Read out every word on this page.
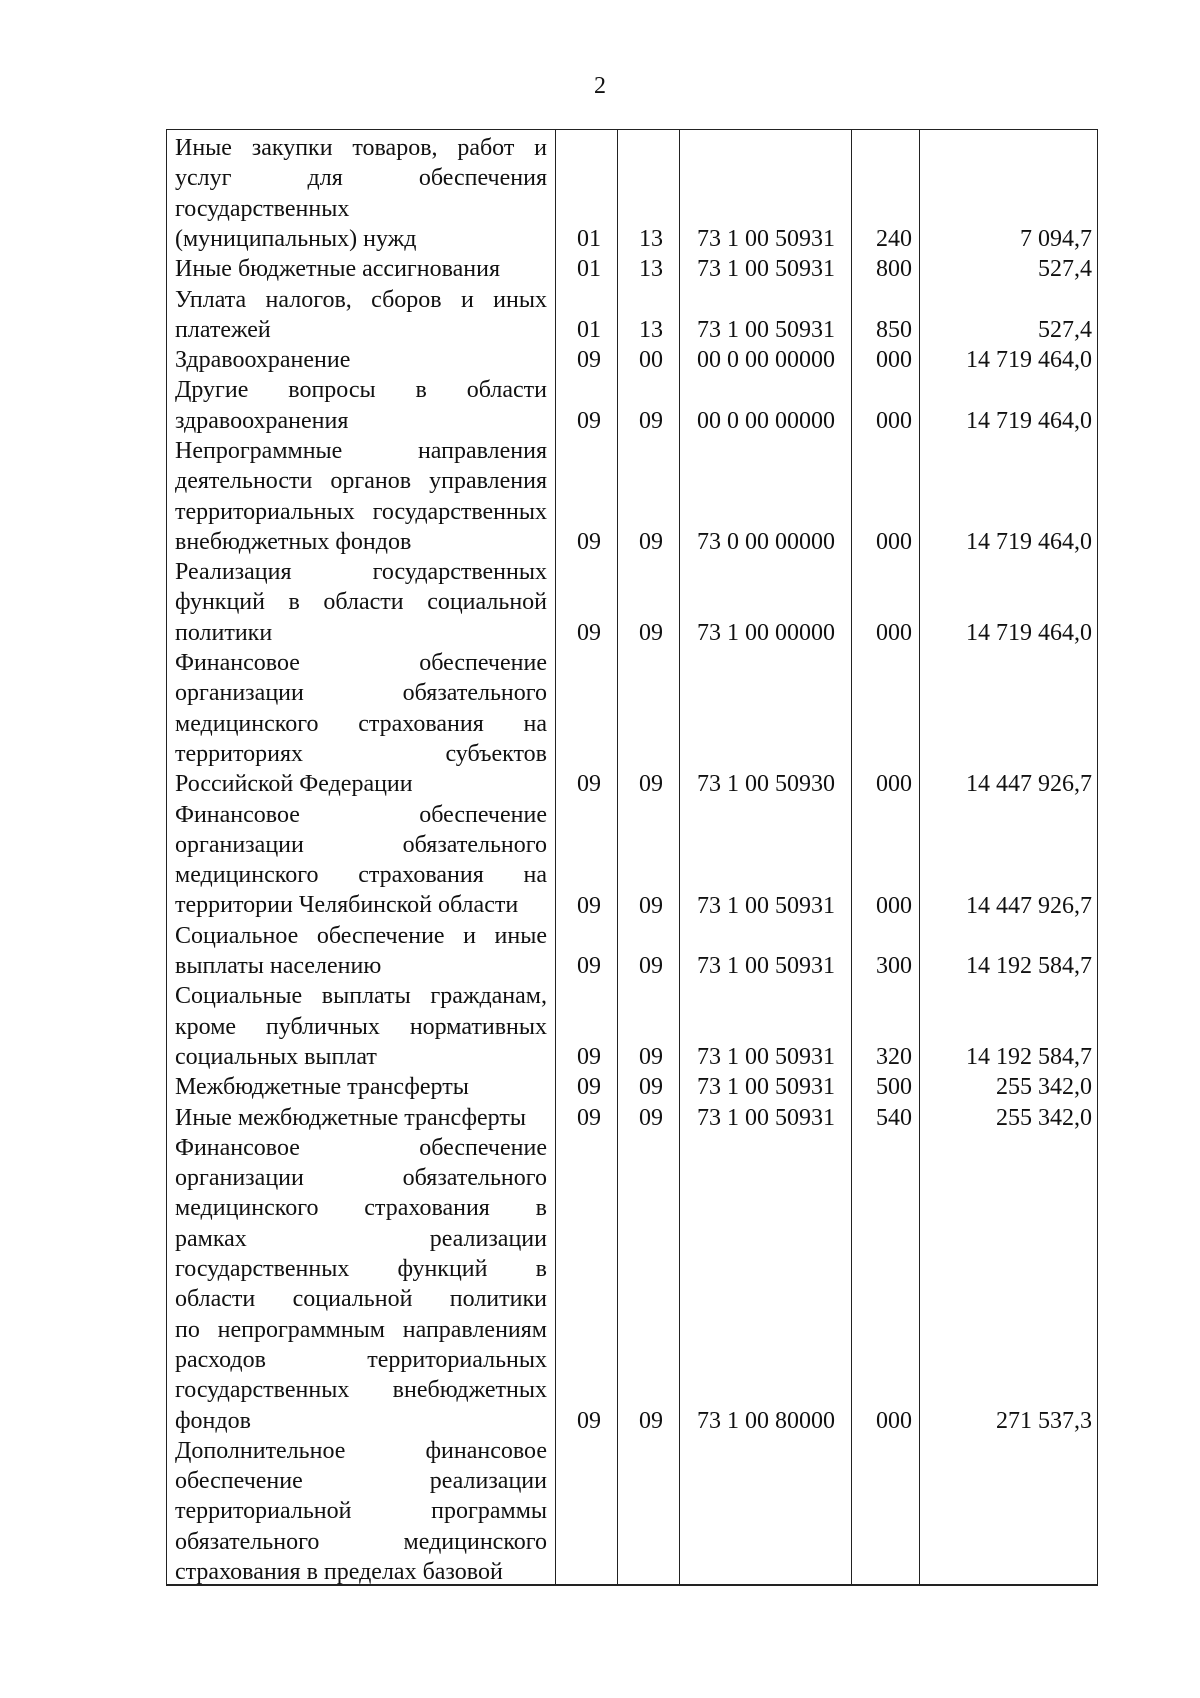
2
Иные закупки товаров, работ и
услуг для обеспечения
государственных
(муниципальных) нужд	01	13	73 1 00 50931	240	7 094,7
Иные бюджетные ассигнования	01	13	73 1 00 50931	800	527,4
Уплата налогов, сборов и иных
платежей	01	13	73 1 00 50931	850	527,4
Здравоохранение	09	00	00 0 00 00000	000	14 719 464,0
Другие вопросы в области
здравоохранения	09	09	00 0 00 00000	000	14 719 464,0
Непрограммные направления
деятельности органов управления
территориальных государственных
внебюджетных фондов	09	09	73 0 00 00000	000	14 719 464,0
Реализация государственных
функций в области социальной
политики	09	09	73 1 00 00000	000	14 719 464,0
Финансовое обеспечение
организации обязательного
медицинского страхования на
территориях субъектов
Российской Федерации	09	09	73 1 00 50930	000	14 447 926,7
Финансовое обеспечение
организации обязательного
медицинского страхования на
территории Челябинской области	09	09	73 1 00 50931	000	14 447 926,7
Социальное обеспечение и иные
выплаты населению	09	09	73 1 00 50931	300	14 192 584,7
Социальные выплаты гражданам,
кроме публичных нормативных
социальных выплат	09	09	73 1 00 50931	320	14 192 584,7
Межбюджетные трансферты	09	09	73 1 00 50931	500	255 342,0
Иные межбюджетные трансферты	09	09	73 1 00 50931	540	255 342,0
Финансовое обеспечение
организации обязательного
медицинского страхования в
рамках реализации
государственных функций в
области социальной политики
по непрограммным направлениям
расходов территориальных
государственных внебюджетных
фондов	09	09	73 1 00 80000	000	271 537,3
Дополнительное финансовое
обеспечение реализации
территориальной программы
обязательного медицинского
страхования в пределах базовой
